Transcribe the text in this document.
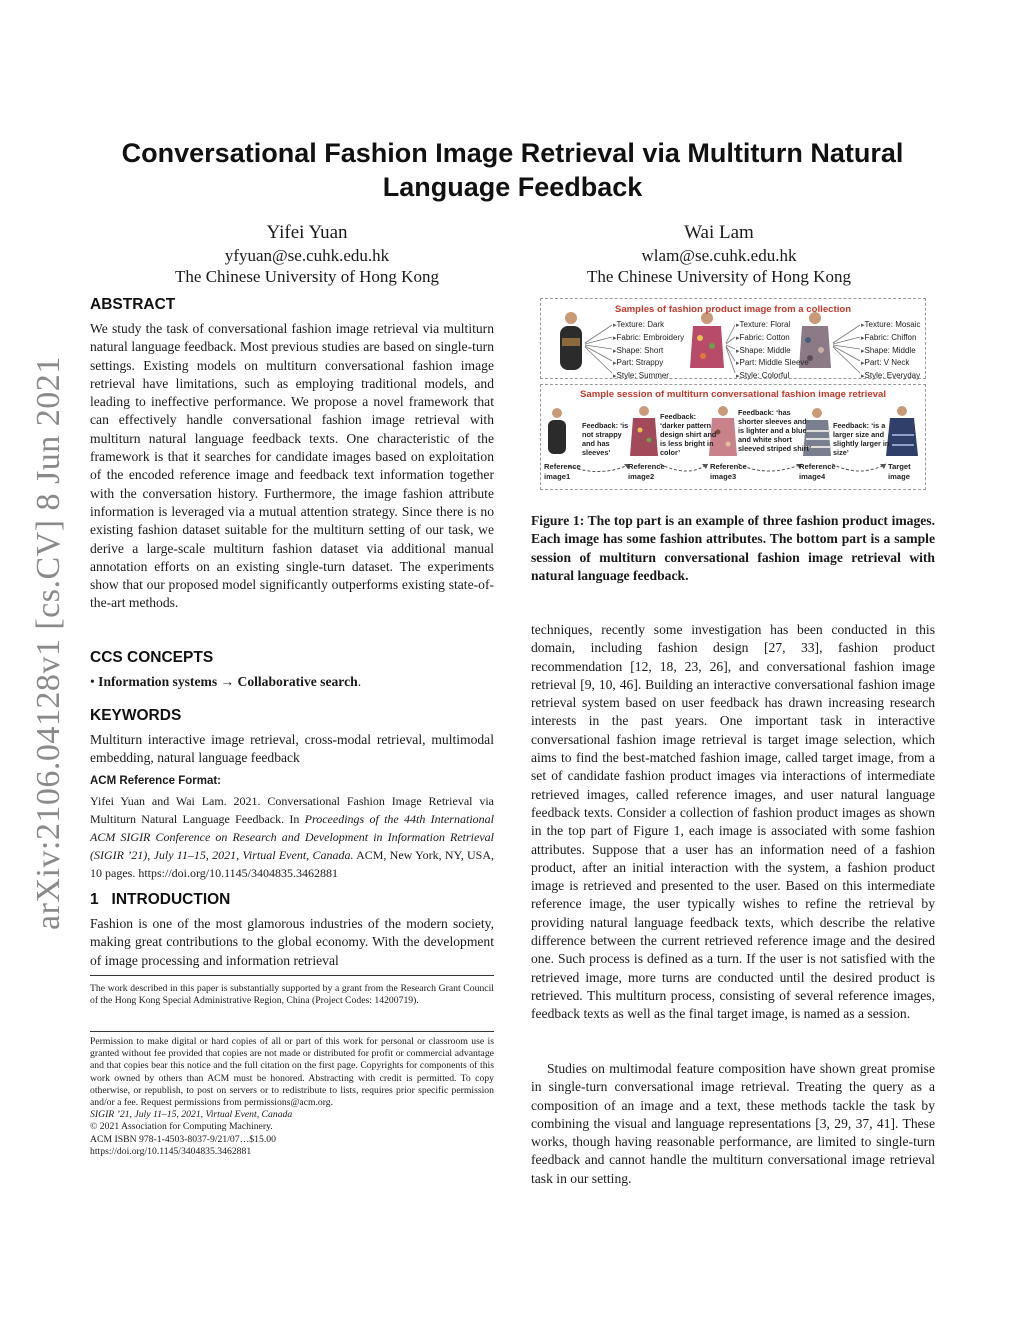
arXiv:2106.04128v1 [cs.CV] 8 Jun 2021
Conversational Fashion Image Retrieval via Multiturn Natural
Language Feedback
Yifei Yuan
yfyuan@se.cuhk.edu.hk
The Chinese University of Hong Kong
Wai Lam
wlam@se.cuhk.edu.hk
The Chinese University of Hong Kong
ABSTRACT

We study the task of conversational fashion image retrieval via multiturn natural language feedback. Most previous studies are based on single-turn settings. Existing models on multiturn conversational fashion image retrieval have limitations, such as employing traditional models, and leading to ineffective performance. We propose a novel framework that can effectively handle conversational fashion image retrieval with multiturn natural language feedback texts. One characteristic of the framework is that it searches for candidate images based on exploitation of the encoded reference image and feedback text information together with the conversation history. Furthermore, the image fashion attribute information is leveraged via a mutual attention strategy. Since there is no existing fashion dataset suitable for the multiturn setting of our task, we derive a large-scale multiturn fashion dataset via additional manual annotation efforts on an existing single-turn dataset. The experiments show that our proposed model significantly outperforms existing state-of-the-art methods.

CCS CONCEPTS

• Information systems → Collaborative search.

KEYWORDS

Multiturn interactive image retrieval, cross-modal retrieval, multimodal embedding, natural language feedback

ACM Reference Format:

Yifei Yuan and Wai Lam. 2021. Conversational Fashion Image Retrieval via Multiturn Natural Language Feedback. In Proceedings of the 44th International ACM SIGIR Conference on Research and Development in Information Retrieval (SIGIR ’21), July 11–15, 2021, Virtual Event, Canada. ACM, New York, NY, USA, 10 pages. https://doi.org/10.1145/3404835.3462881

1 INTRODUCTION

Fashion is one of the most glamorous industries of the modern society, making great contributions to the global economy. With the development of image processing and information retrieval

The work described in this paper is substantially supported by a grant from the Research Grant Council of the Hong Kong Special Administrative Region, China (Project Codes: 14200719).

Permission to make digital or hard copies of all or part of this work for personal or classroom use is granted without fee provided that copies are not made or distributed for profit or commercial advantage and that copies bear this notice and the full citation on the first page. Copyrights for components of this work owned by others than ACM must be honored. Abstracting with credit is permitted. To copy otherwise, or republish, to post on servers or to redistribute to lists, requires prior specific permission and/or a fee. Request permissions from permissions@acm.org.
SIGIR ’21, July 11–15, 2021, Virtual Event, Canada
© 2021 Association for Computing Machinery.
ACM ISBN 978-1-4503-8037-9/21/07…$15.00
https://doi.org/10.1145/3404835.3462881
Samples of fashion product image from a collection
Sample session of multiturn conversational fashion image retrieval
▸ Texture: Dark
▸ Fabric: Embroidery
▸ Shape: Short
▸ Part: Strappy
▸ Style: Summer
▸ Texture: Floral
▸ Fabric: Cotton
▸ Shape: Middle
▸ Part: Middle Sleeve
▸ Style: Colorful
▸ Texture: Mosaic
▸ Fabric: Chiffon
▸ Shape: Middle
▸ Part: V Neck
▸ Style: Everyday
Feedback: ‘is
not strappy
and has
sleeves’
Feedback:
‘darker pattern
design shirt and
is less bright in
color’
Feedback: ‘has
shorter sleeves and
is lighter and a blue
and white short
sleeved striped shirt’
Feedback: ‘is a
larger size and
slightly larger in
size’
Reference
image1
Reference
image2
Reference
image3
Reference
image4
Target
image

Figure 1: The top part is an example of three fashion product images. Each image has some fashion attributes. The bottom part is a sample session of multiturn conversational fashion image retrieval with natural language feedback.

techniques, recently some investigation has been conducted in this domain, including fashion design [27, 33], fashion product recommendation [12, 18, 23, 26], and conversational fashion image retrieval [9, 10, 46]. Building an interactive conversational fashion image retrieval system based on user feedback has drawn increasing research interests in the past years. One important task in interactive conversational fashion image retrieval is target image selection, which aims to find the best-matched fashion image, called target image, from a set of candidate fashion product images via interactions of intermediate retrieved images, called reference images, and user natural language feedback texts. Consider a collection of fashion product images as shown in the top part of Figure 1, each image is associated with some fashion attributes. Suppose that a user has an information need of a fashion product, after an initial interaction with the system, a fashion product image is retrieved and presented to the user. Based on this intermediate reference image, the user typically wishes to refine the retrieval by providing natural language feedback texts, which describe the relative difference between the current retrieved reference image and the desired one. Such process is defined as a turn. If the user is not satisfied with the retrieved image, more turns are conducted until the desired product is retrieved. This multiturn process, consisting of several reference images, feedback texts as well as the final target image, is named as a session.

Studies on multimodal feature composition have shown great promise in single-turn conversational image retrieval. Treating the query as a composition of an image and a text, these methods tackle the task by combining the visual and language representations [3, 29, 37, 41]. These works, though having reasonable performance, are limited to single-turn feedback and cannot handle the multiturn conversational image retrieval task in our setting.
